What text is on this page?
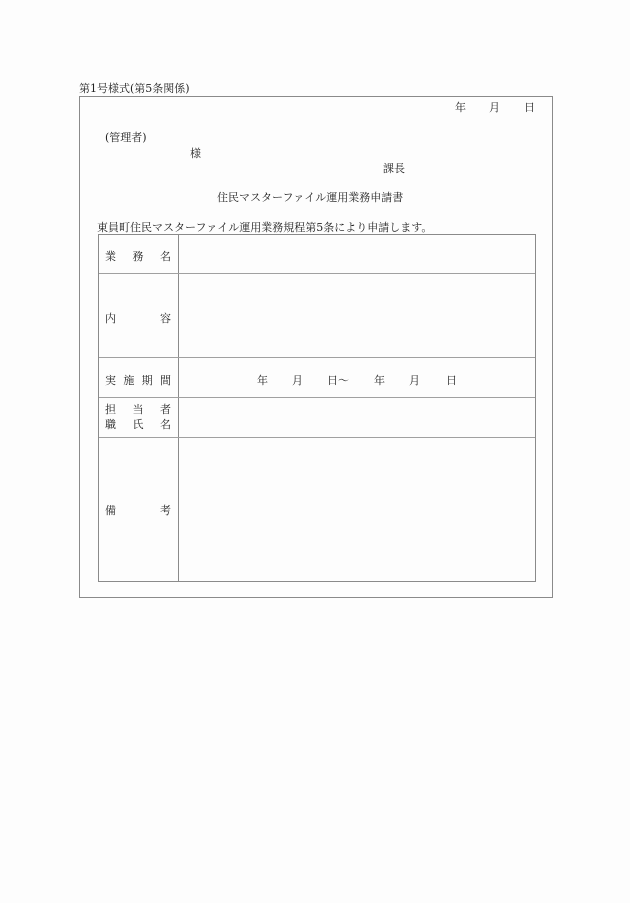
第1号様式(第5条関係)
年 月 日
(管理者)
様
課長
住民マスターファイル運用業務申請書
東員町住民マスターファイル運用業務規程第5条により申請します。
業 務 名
内	容
実 施 期 間	年 月 日〜 年 月 日
担 当 者
職 氏 名
備	考
